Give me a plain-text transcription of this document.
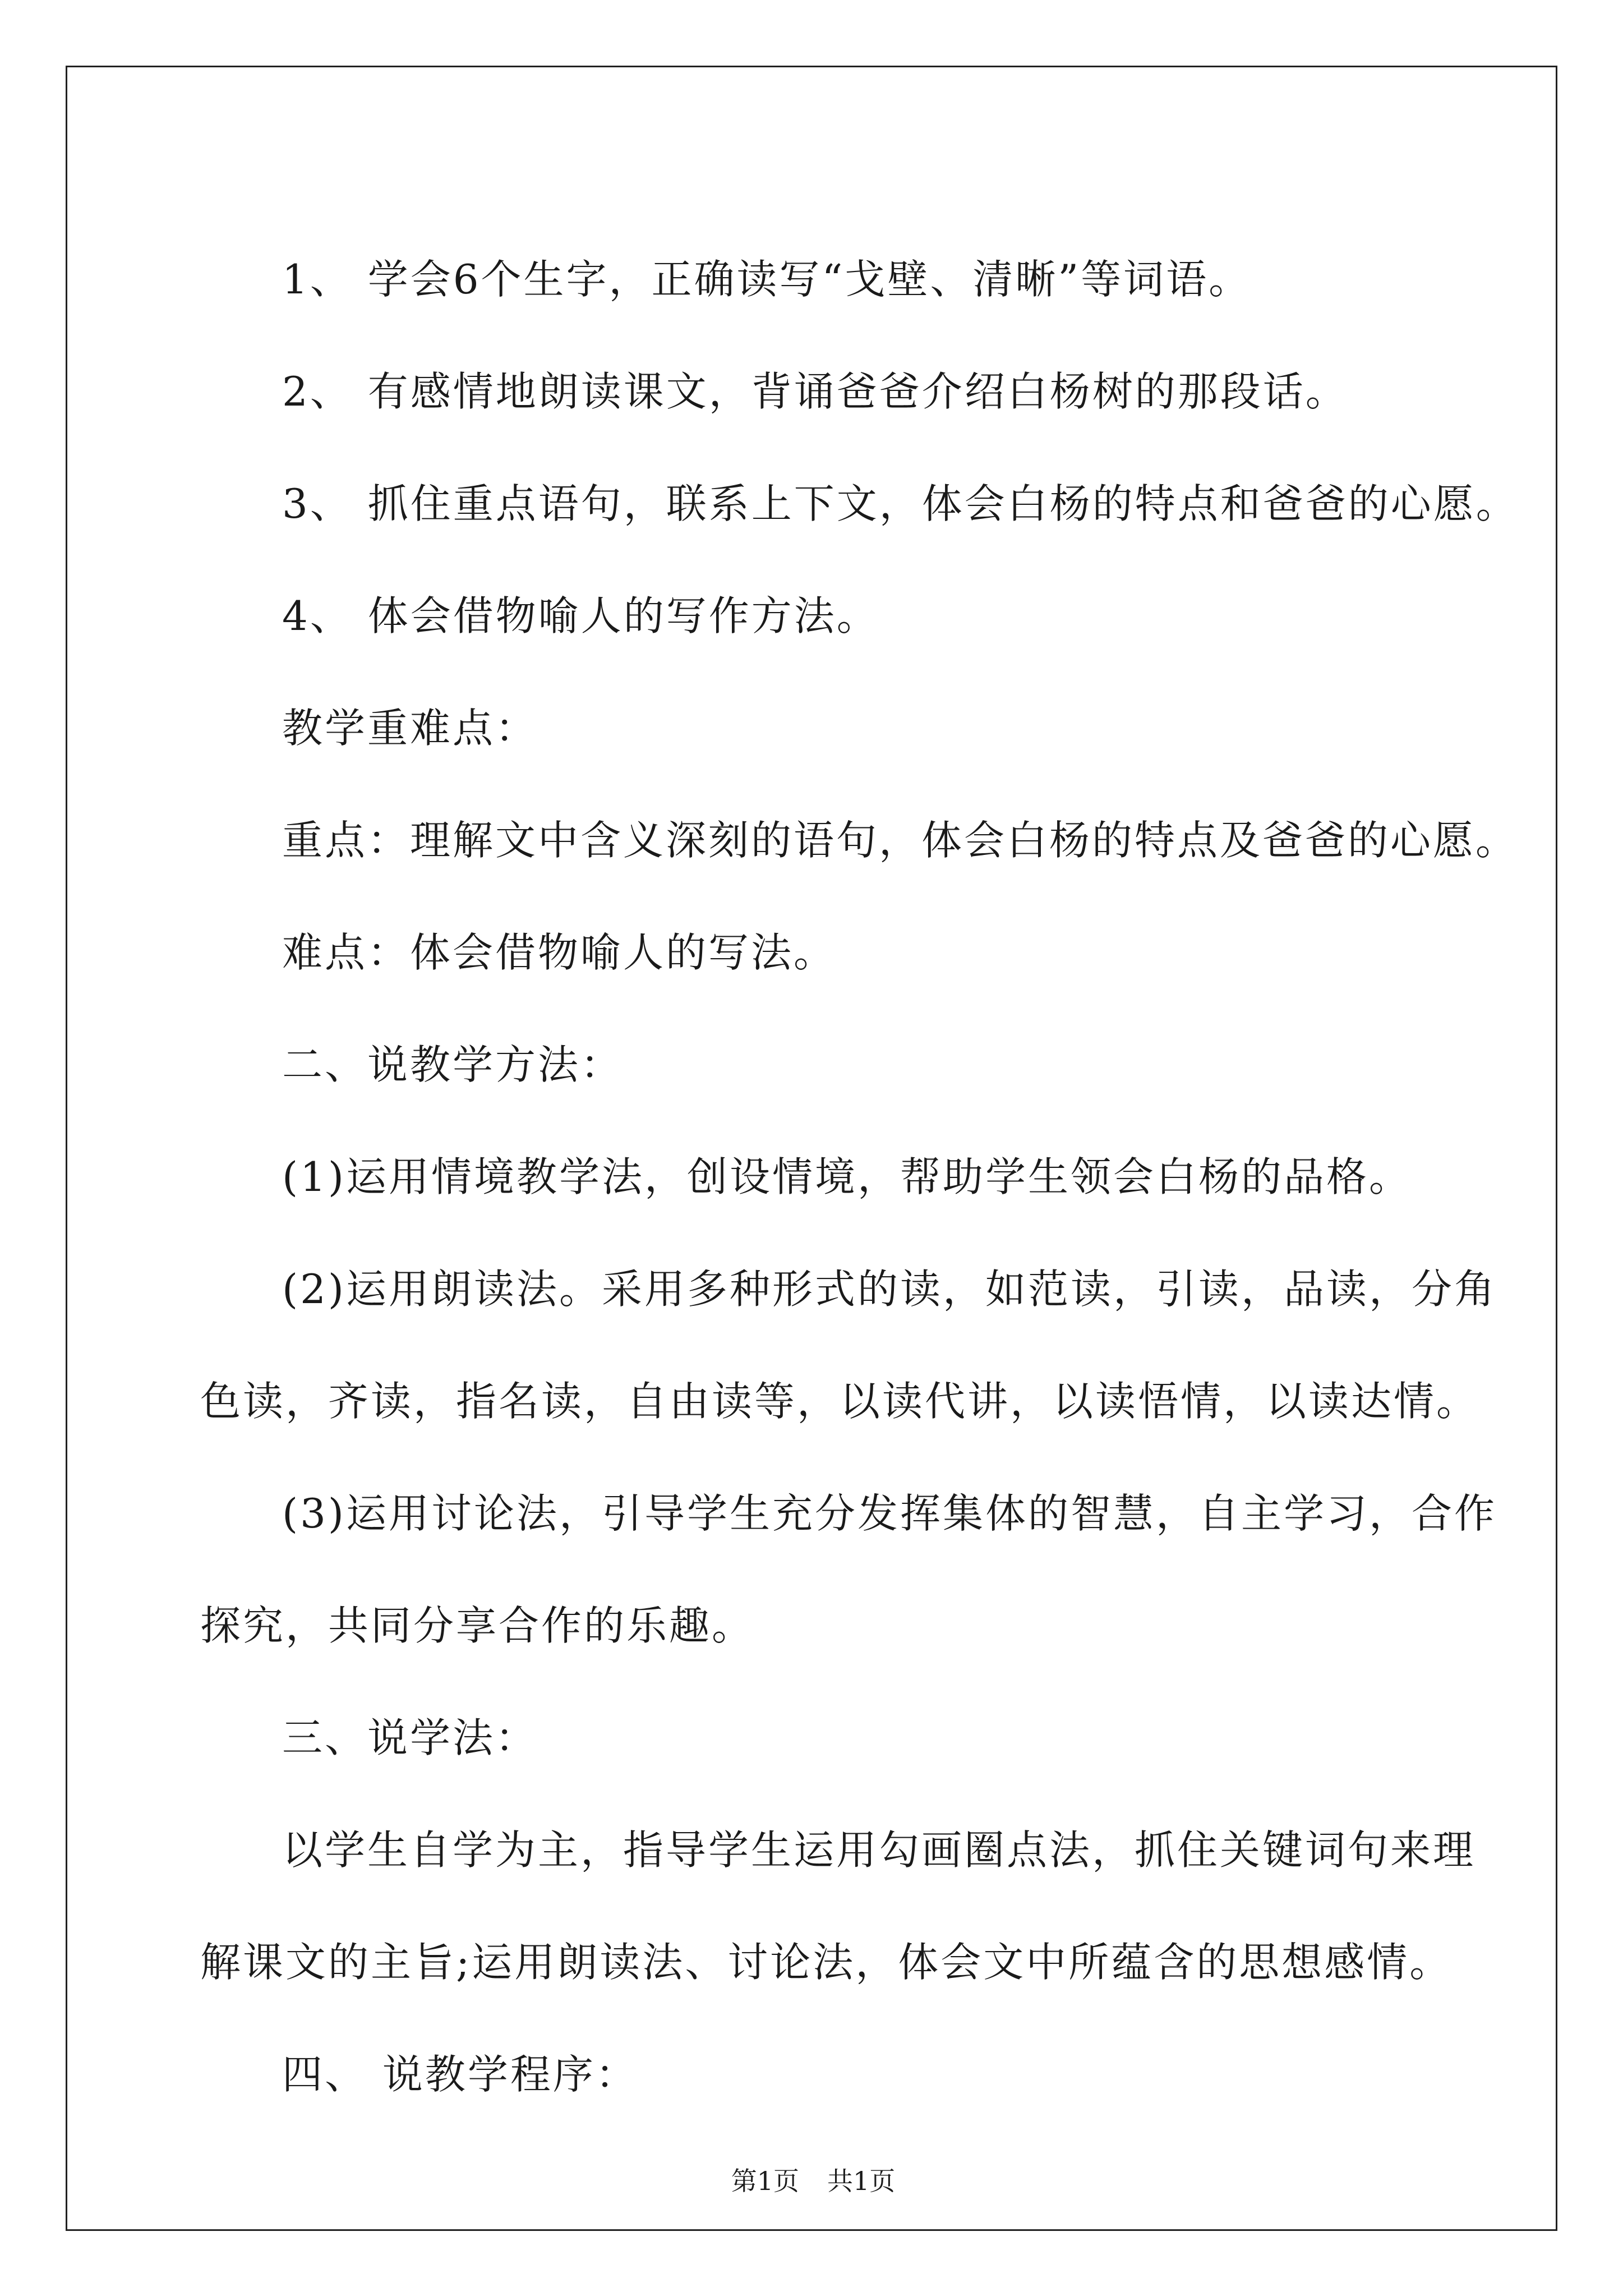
1、 学会6个生字，正确读写“戈壁、清晰”等词语。
2、 有感情地朗读课文，背诵爸爸介绍白杨树的那段话。
3、 抓住重点语句，联系上下文，体会白杨的特点和爸爸的心愿。
4、 体会借物喻人的写作方法。
教学重难点：
重点：理解文中含义深刻的语句，体会白杨的特点及爸爸的心愿。
难点：体会借物喻人的写法。
二、说教学方法：
(1)运用情境教学法，创设情境，帮助学生领会白杨的品格。
(2)运用朗读法。采用多种形式的读，如范读，引读，品读，分角
色读，齐读，指名读，自由读等，以读代讲，以读悟情，以读达情。
(3)运用讨论法，引导学生充分发挥集体的智慧，自主学习，合作
探究，共同分享合作的乐趣。
三、说学法：
以学生自学为主，指导学生运用勾画圈点法，抓住关键词句来理
解课文的主旨;运用朗读法、讨论法，体会文中所蕴含的思想感情。
四、 说教学程序：
第1页 共1页
